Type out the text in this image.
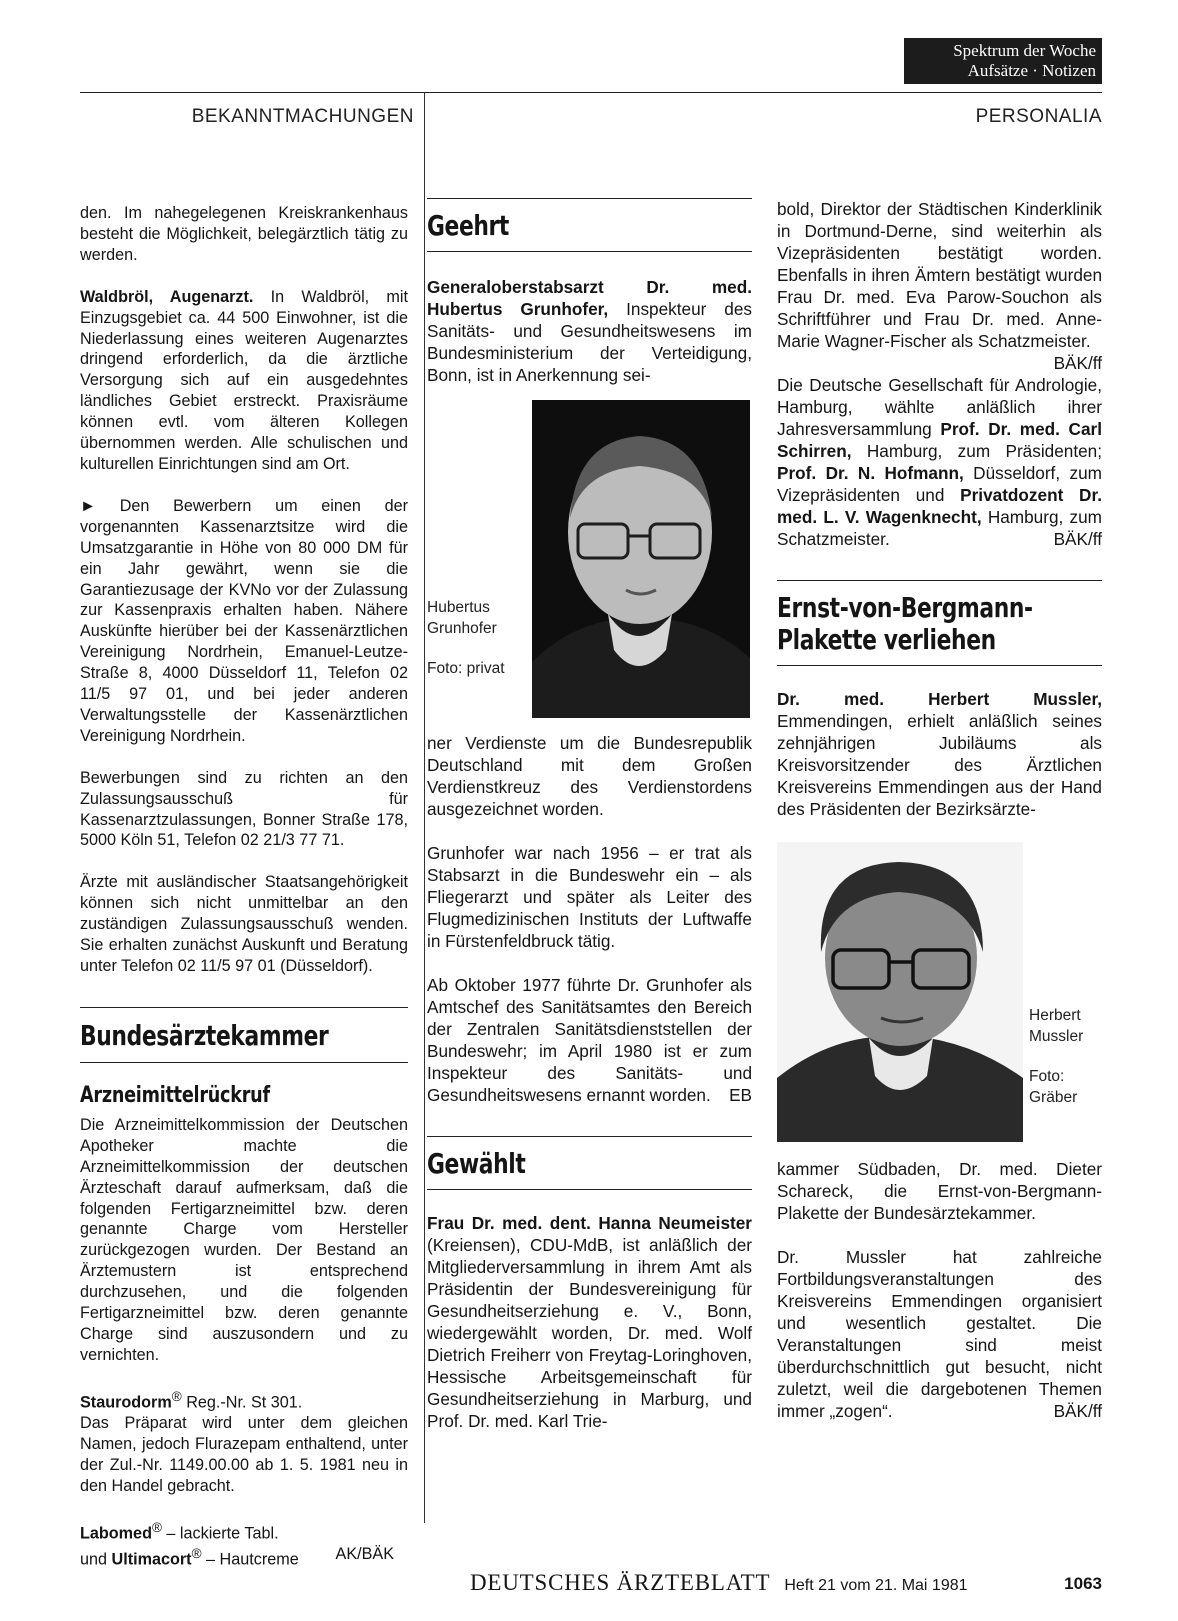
Spektrum der Woche
Aufsätze · Notizen
BEKANNTMACHUNGEN	PERSONALIA

den. Im nahegelegenen Kreiskrankenhaus besteht die Möglichkeit, belegärztlich tätig zu werden.

Waldbröl, Augenarzt. In Waldbröl, mit Einzugsgebiet ca. 44 500 Einwohner, ist die Niederlassung eines weiteren Augenarztes dringend erforderlich, da die ärztliche Versorgung sich auf ein ausgedehntes ländliches Gebiet erstreckt. Praxisräume können evtl. vom älteren Kollegen übernommen werden. Alle schulischen und kulturellen Einrichtungen sind am Ort.

► Den Bewerbern um einen der vorgenannten Kassenarztsitze wird die Umsatzgarantie in Höhe von 80 000 DM für ein Jahr gewährt, wenn sie die Garantiezusage der KVNo vor der Zulassung zur Kassenpraxis erhalten haben. Nähere Auskünfte hierüber bei der Kassenärztlichen Vereinigung Nordrhein, Emanuel-Leutze-Straße 8, 4000 Düsseldorf 11, Telefon 02 11/5 97 01, und bei jeder anderen Verwaltungsstelle der Kassenärztlichen Vereinigung Nordrhein.

Bewerbungen sind zu richten an den Zulassungsausschuß für Kassenarztzulassungen, Bonner Straße 178, 5000 Köln 51, Telefon 02 21/3 77 71.

Ärzte mit ausländischer Staatsangehörigkeit können sich nicht unmittelbar an den zuständigen Zulassungsausschuß wenden. Sie erhalten zunächst Auskunft und Beratung unter Telefon 02 11/5 97 01 (Düsseldorf).

Bundesärztekammer
Arzneimittelrückruf

Die Arzneimittelkommission der Deutschen Apotheker machte die Arzneimittelkommission der deutschen Ärzteschaft darauf aufmerksam, daß die folgenden Fertigarzneimittel bzw. deren genannte Charge vom Hersteller zurückgezogen wurden. Der Bestand an Ärztemustern ist entsprechend durchzusehen, und die folgenden Fertigarzneimittel bzw. deren genannte Charge sind auszusondern und zu vernichten.

Staurodorm® Reg.-Nr. St 301.

Das Präparat wird unter dem gleichen Namen, jedoch Flurazepam enthaltend, unter der Zul.-Nr. 1149.00.00 ab 1. 5. 1981 neu in den Handel gebracht.

Labomed® – lackierte Tabl.

und Ultimacort® – Hautcreme AK/BÄK

Geehrt

Generaloberstabsarzt Dr. med. Hubertus Grunhofer, Inspekteur des Sanitäts- und Gesundheitswesens im Bundesministerium der Verteidigung, Bonn, ist in Anerkennung sei-

Hubertus Grunhofer
Foto: privat

ner Verdienste um die Bundesrepublik Deutschland mit dem Großen Verdienstkreuz des Verdienstordens ausgezeichnet worden.

Grunhofer war nach 1956 – er trat als Stabsarzt in die Bundeswehr ein – als Fliegerarzt und später als Leiter des Flugmedizinischen Instituts der Luftwaffe in Fürstenfeldbruck tätig.

Ab Oktober 1977 führte Dr. Grunhofer als Amtschef des Sanitätsamtes den Bereich der Zentralen Sanitätsdienststellen der Bundeswehr; im April 1980 ist er zum Inspekteur des Sanitäts- und Gesundheitswesens ernannt worden. EB

Gewählt

Frau Dr. med. dent. Hanna Neumeister (Kreiensen), CDU-MdB, ist anläßlich der Mitgliederversammlung in ihrem Amt als Präsidentin der Bundesvereinigung für Gesundheitserziehung e. V., Bonn, wiedergewählt worden, Dr. med. Wolf Dietrich Freiherr von Freytag-Loringhoven, Hessische Arbeitsgemeinschaft für Gesundheitserziehung in Marburg, und Prof. Dr. med. Karl Trie-

bold, Direktor der Städtischen Kinderklinik in Dortmund-Derne, sind weiterhin als Vizepräsidenten bestätigt worden. Ebenfalls in ihren Ämtern bestätigt wurden Frau Dr. med. Eva Parow-Souchon als Schriftführer und Frau Dr. med. Anne-Marie Wagner-Fischer als Schatzmeister.
BÄK/ff

Die Deutsche Gesellschaft für Andrologie, Hamburg, wählte anläßlich ihrer Jahresversammlung Prof. Dr. med. Carl Schirren, Hamburg, zum Präsidenten; Prof. Dr. N. Hofmann, Düsseldorf, zum Vizepräsidenten und Privatdozent Dr. med. L. V. Wagenknecht, Hamburg, zum Schatzmeister.	BÄK/ff

Ernst-von-Bergmann-Plakette verliehen

Dr. med. Herbert Mussler, Emmendingen, erhielt anläßlich seines zehnjährigen Jubiläums als Kreisvorsitzender des Ärztlichen Kreisvereins Emmendingen aus der Hand des Präsidenten der Bezirksärzte-

Herbert Mussler
Foto: Gräber

kammer Südbaden, Dr. med. Dieter Schareck, die Ernst-von-Bergmann-Plakette der Bundesärztekammer.

Dr. Mussler hat zahlreiche Fortbildungsveranstaltungen des Kreisvereins Emmendingen organisiert und wesentlich gestaltet. Die Veranstaltungen sind meist überdurchschnittlich gut besucht, nicht zuletzt, weil die dargebotenen Themen immer „zogen“.	BÄK/ff

DEUTSCHES ÄRZTEBLATT Heft 21 vom 21. Mai 1981	1063
